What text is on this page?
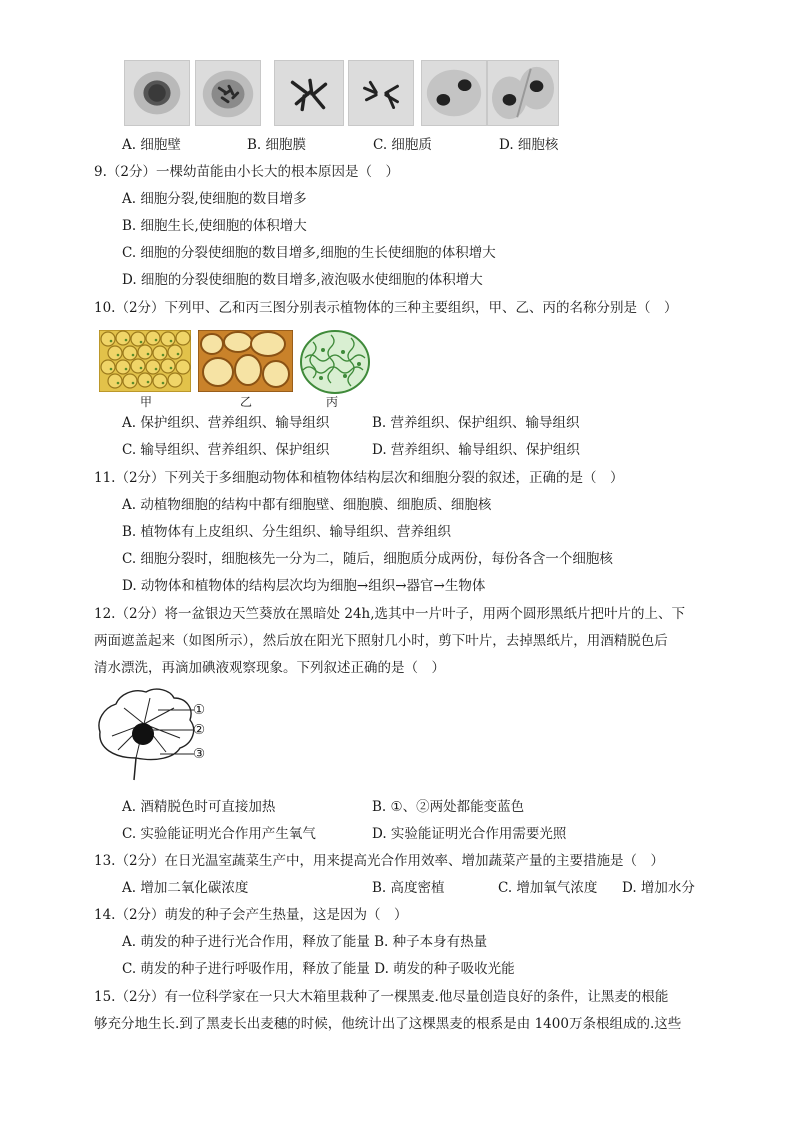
A. 细胞壁	B. 细胞膜	C. 细胞质	D. 细胞核
9.（2分）一棵幼苗能由小长大的根本原因是（　）
A. 细胞分裂,使细胞的数目增多
B. 细胞生长,使细胞的体积增大
C. 细胞的分裂使细胞的数目增多,细胞的生长使细胞的体积增大
D. 细胞的分裂使细胞的数目增多,液泡吸水使细胞的体积增大
10.（2分）下列甲、乙和丙三图分别表示植物体的三种主要组织，甲、乙、丙的名称分别是（　）
甲	乙	丙
A. 保护组织、营养组织、输导组织	B. 营养组织、保护组织、输导组织
C. 输导组织、营养组织、保护组织	D. 营养组织、输导组织、保护组织
11.（2分）下列关于多细胞动物体和植物体结构层次和细胞分裂的叙述，正确的是（　）
A. 动植物细胞的结构中都有细胞壁、细胞膜、细胞质、细胞核
B. 植物体有上皮组织、分生组织、输导组织、营养组织
C. 细胞分裂时，细胞核先一分为二，随后，细胞质分成两份，每份各含一个细胞核
D. 动物体和植物体的结构层次均为细胞→组织→器官→生物体
12.（2分）将一盆银边天竺葵放在黑暗处 24h,选其中一片叶子，用两个圆形黑纸片把叶片的上、下
两面遮盖起来（如图所示），然后放在阳光下照射几小时，剪下叶片，去掉黑纸片，用酒精脱色后
清水漂洗，再滴加碘液观察现象。下列叙述正确的是（　）
①
②
③
A. 酒精脱色时可直接加热	B. ①、②两处都能变蓝色
C. 实验能证明光合作用产生氧气	D. 实验能证明光合作用需要光照
13.（2分）在日光温室蔬菜生产中，用来提高光合作用效率、增加蔬菜产量的主要措施是（　）
A. 增加二氧化碳浓度	B. 高度密植	C. 增加氧气浓度 D. 增加水分
14.（2分）萌发的种子会产生热量，这是因为（　）
A. 萌发的种子进行光合作用，释放了能量 B. 种子本身有热量
C. 萌发的种子进行呼吸作用，释放了能量 D. 萌发的种子吸收光能
15.（2分）有一位科学家在一只大木箱里栽种了一棵黑麦.他尽量创造良好的条件，让黑麦的根能
够充分地生长.到了黑麦长出麦穗的时候，他统计出了这棵黑麦的根系是由 1400万条根组成的.这些
